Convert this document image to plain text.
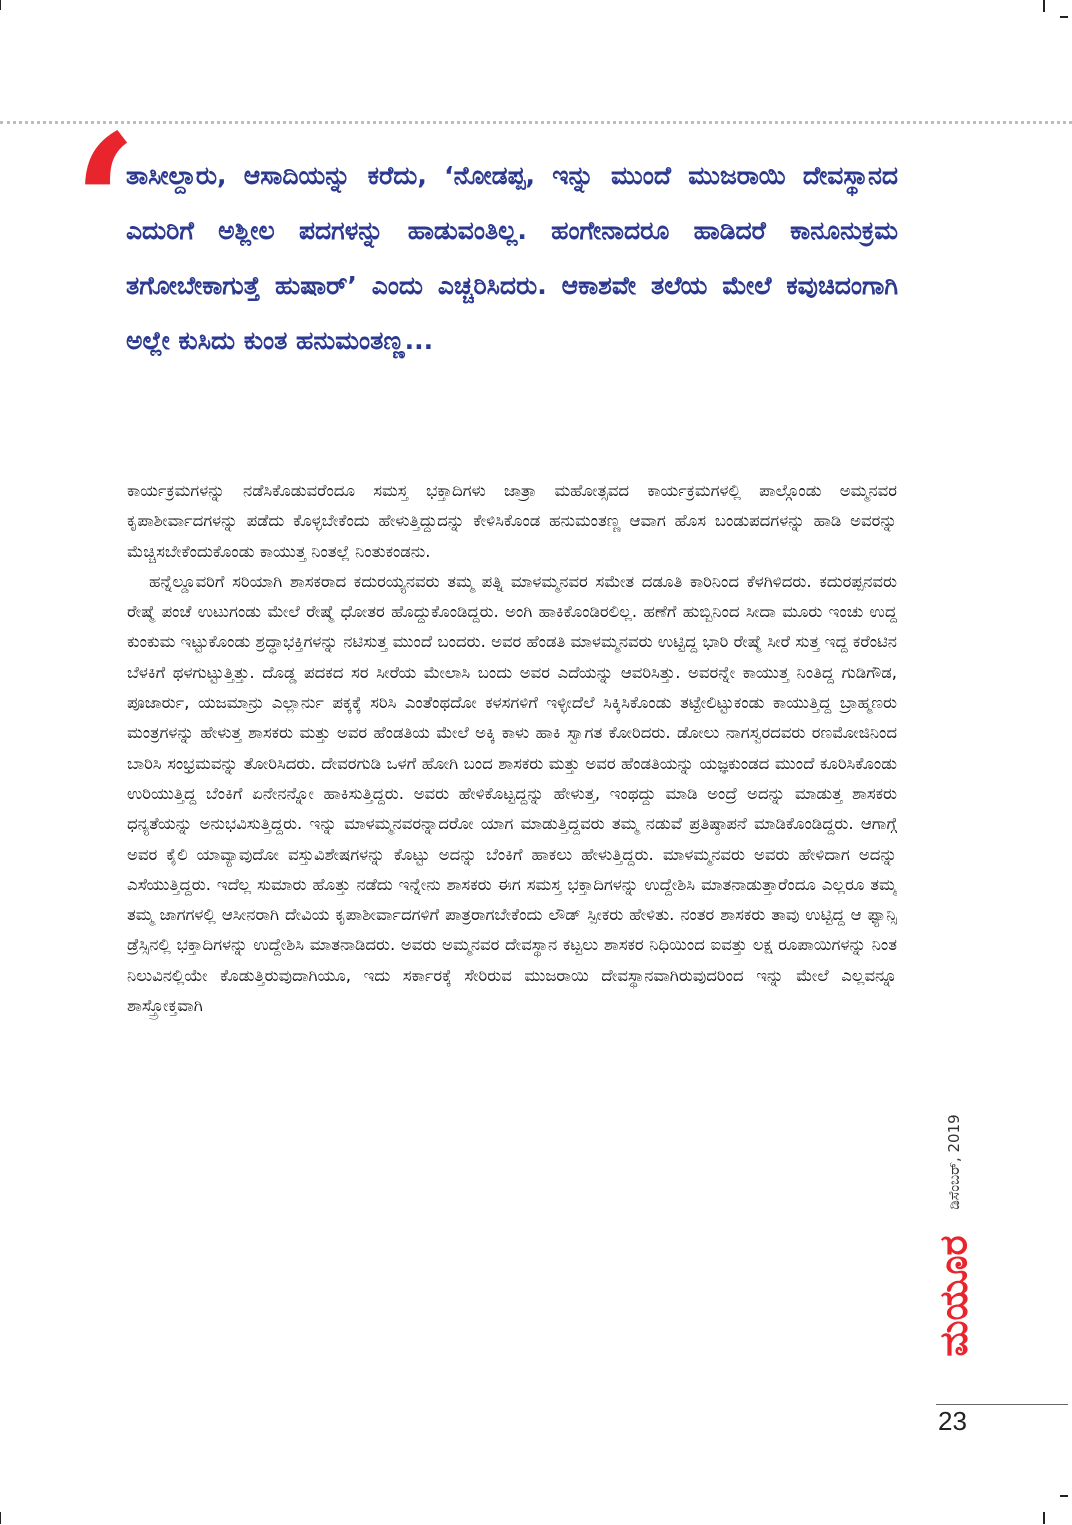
‘

ತಾಸೀಲ್ದಾರು, ಆಸಾದಿಯನ್ನು ಕರೆದು, ‘ನೋಡಪ್ಪ, ಇನ್ನು ಮುಂದೆ ಮುಜರಾಯಿ ದೇವಸ್ಥಾನದ ಎದುರಿಗೆ ಅಶ್ಲೀಲ ಪದಗಳನ್ನು ಹಾಡುವಂತಿಲ್ಲ. ಹಂಗೇನಾದರೂ ಹಾಡಿದರೆ ಕಾನೂನುಕ್ರಮ ತಗೋಬೇಕಾಗುತ್ತೆ ಹುಷಾರ್’ ಎಂದು ಎಚ್ಚರಿಸಿದರು. ಆಕಾಶವೇ ತಲೆಯ ಮೇಲೆ ಕವುಚಿದಂಗಾಗಿ ಅಲ್ಲೇ ಕುಸಿದು ಕುಂತ ಹನುಮಂತಣ್ಣ...

ಕಾರ್ಯಕ್ರಮಗಳನ್ನು ನಡೆಸಿಕೊಡುವರೆಂದೂ ಸಮಸ್ತ ಭಕ್ತಾದಿಗಳು ಜಾತ್ರಾ ಮಹೋತ್ಸವದ ಕಾರ್ಯಕ್ರಮಗಳಲ್ಲಿ ಪಾಲ್ಗೊಂಡು ಅಮ್ಮನವರ ಕೃಪಾಶೀರ್ವಾದಗಳನ್ನು ಪಡೆದು ಕೊಳ್ಳಬೇಕೆಂದು ಹೇಳುತ್ತಿದ್ದುದನ್ನು ಕೇಳಿಸಿಕೊಂಡ ಹನುಮಂತಣ್ಣ ಆವಾಗ ಹೊಸ ಬಂಡುಪದಗಳನ್ನು ಹಾಡಿ ಅವರನ್ನು ಮೆಚ್ಚಿಸಬೇಕೆಂದುಕೊಂಡು ಕಾಯುತ್ತ ನಿಂತಲ್ಲೆ ನಿಂತುಕಂಡನು.

ಹನ್ನೆಲ್ಡೂವರಿಗೆ ಸರಿಯಾಗಿ ಶಾಸಕರಾದ ಕದುರಯ್ಯನವರು ತಮ್ಮ ಪತ್ನಿ ಮಾಳಮ್ಮನವರ ಸಮೇತ ದಡೂತಿ ಕಾರಿನಿಂದ ಕೆಳಗಿಳಿದರು. ಕದುರಪ್ಪನವರು ರೇಷ್ಮೆ ಪಂಚೆ ಉಟುಗಂಡು ಮೇಲೆ ರೇಷ್ಮೆ ಧೋತರ ಹೊದ್ದುಕೊಂಡಿದ್ದರು. ಅಂಗಿ ಹಾಕಿಕೊಂಡಿರಲಿಲ್ಲ. ಹಣೆಗೆ ಹುಬ್ಬಿನಿಂದ ಸೀದಾ ಮೂರು ಇಂಚು ಉದ್ದ ಕುಂಕುಮ ಇಟ್ಟುಕೊಂಡು ಶ್ರದ್ಧಾಭಕ್ತಿಗಳನ್ನು ನಟಿಸುತ್ತ ಮುಂದೆ ಬಂದರು. ಅವರ ಹೆಂಡತಿ ಮಾಳಮ್ಮನವರು ಉಟ್ಟಿದ್ದ ಭಾರಿ ರೇಷ್ಮೆ ಸೀರೆ ಸುತ್ತ ಇದ್ದ ಕರೆಂಟಿನ ಬೆಳಕಿಗೆ ಥಳಗುಟ್ಟುತ್ತಿತ್ತು. ದೊಡ್ಡ ಪದಕದ ಸರ ಸೀರೆಯ ಮೇಲಾಸಿ ಬಂದು ಅವರ ಎದೆಯನ್ನು ಆವರಿಸಿತ್ತು. ಅವರನ್ನೇ ಕಾಯುತ್ತ ನಿಂತಿದ್ದ ಗುಡಿಗೌಡ, ಪೂಜಾರ್ರು, ಯಜಮಾನ್ರು ಎಲ್ಲಾರ್ನು ಪಕ್ಕಕ್ಕೆ ಸರಿಸಿ ಎಂತೆಂಥದೋ ಕಳಸಗಳಿಗೆ ಇಳ್ಳೀದೆಲೆ ಸಿಕ್ಕಿಸಿಕೊಂಡು ತಟ್ಟೇಲಿಟ್ಟುಕಂಡು ಕಾಯುತ್ತಿದ್ದ ಬ್ರಾಹ್ಮಣರು ಮಂತ್ರಗಳನ್ನು ಹೇಳುತ್ತ ಶಾಸಕರು ಮತ್ತು ಅವರ ಹೆಂಡತಿಯ ಮೇಲೆ ಅಕ್ಕಿ ಕಾಳು ಹಾಕಿ ಸ್ವಾಗತ ಕೋರಿದರು. ಡೋಲು ನಾಗಸ್ವರದವರು ರಣಮೋಜಿನಿಂದ ಬಾರಿಸಿ ಸಂಭ್ರಮವನ್ನು ತೋರಿಸಿದರು. ದೇವರಗುಡಿ ಒಳಗೆ ಹೋಗಿ ಬಂದ ಶಾಸಕರು ಮತ್ತು ಅವರ ಹೆಂಡತಿಯನ್ನು ಯಜ್ಞಕುಂಡದ ಮುಂದೆ ಕೂರಿಸಿಕೊಂಡು ಉರಿಯುತ್ತಿದ್ದ ಬೆಂಕಿಗೆ ಏನೇನನ್ನೋ ಹಾಕಿಸುತ್ತಿದ್ದರು. ಅವರು ಹೇಳಿಕೊಟ್ಟದ್ದನ್ನು ಹೇಳುತ್ತ, ಇಂಥದ್ದು ಮಾಡಿ ಅಂದ್ರೆ ಅದನ್ನು ಮಾಡುತ್ತ ಶಾಸಕರು ಧನ್ಯತೆಯನ್ನು ಅನುಭವಿಸುತ್ತಿದ್ದರು. ಇನ್ನು ಮಾಳಮ್ಮನವರನ್ನಾದರೋ ಯಾಗ ಮಾಡುತ್ತಿದ್ದವರು ತಮ್ಮ ನಡುವೆ ಪ್ರತಿಷ್ಠಾಪನೆ ಮಾಡಿಕೊಂಡಿದ್ದರು. ಆಗಾಗ್ಗೆ ಅವರ ಕೈಲಿ ಯಾವ್ಯಾವುದೋ ವಸ್ತುವಿಶೇಷಗಳನ್ನು ಕೊಟ್ಟು ಅದನ್ನು ಬೆಂಕಿಗೆ ಹಾಕಲು ಹೇಳುತ್ತಿದ್ದರು. ಮಾಳಮ್ಮನವರು ಅವರು ಹೇಳಿದಾಗ ಅದನ್ನು ಎಸೆಯುತ್ತಿದ್ದರು. ಇದೆಲ್ಲ ಸುಮಾರು ಹೊತ್ತು ನಡೆದು ಇನ್ನೇನು ಶಾಸಕರು ಈಗ ಸಮಸ್ತ ಭಕ್ತಾದಿಗಳನ್ನು ಉದ್ದೇಶಿಸಿ ಮಾತನಾಡುತ್ತಾರೆಂದೂ ಎಲ್ಲರೂ ತಮ್ಮ ತಮ್ಮ ಜಾಗಗಳಲ್ಲಿ ಆಸೀನರಾಗಿ ದೇವಿಯ ಕೃಪಾಶೀರ್ವಾದಗಳಿಗೆ ಪಾತ್ರರಾಗಬೇಕೆಂದು ಲೌಡ್ ಸ್ಪೀಕರು ಹೇಳಿತು. ನಂತರ ಶಾಸಕರು ತಾವು ಉಟ್ಟಿದ್ದ ಆ ಫ್ಯಾನ್ಸಿ ಡ್ರೆಸ್ಸಿನಲ್ಲಿ ಭಕ್ತಾದಿಗಳನ್ನು ಉದ್ದೇಶಿಸಿ ಮಾತನಾಡಿದರು. ಅವರು ಅಮ್ಮನವರ ದೇವಸ್ಥಾನ ಕಟ್ಟಲು ಶಾಸಕರ ನಿಧಿಯಿಂದ ಐವತ್ತು ಲಕ್ಷ ರೂಪಾಯಿಗಳನ್ನು ನಿಂತ ನಿಲುವಿನಲ್ಲಿಯೇ ಕೊಡುತ್ತಿರುವುದಾಗಿಯೂ, ಇದು ಸರ್ಕಾರಕ್ಕೆ ಸೇರಿರುವ ಮುಜರಾಯಿ ದೇವಸ್ಥಾನವಾಗಿರುವುದರಿಂದ ಇನ್ನು ಮೇಲೆ ಎಲ್ಲವನ್ನೂ ಶಾಸ್ತ್ರೋಕ್ತವಾಗಿ

ಡಿಸೆಂಬರ್, 2019
ಮಯೂರ
23
